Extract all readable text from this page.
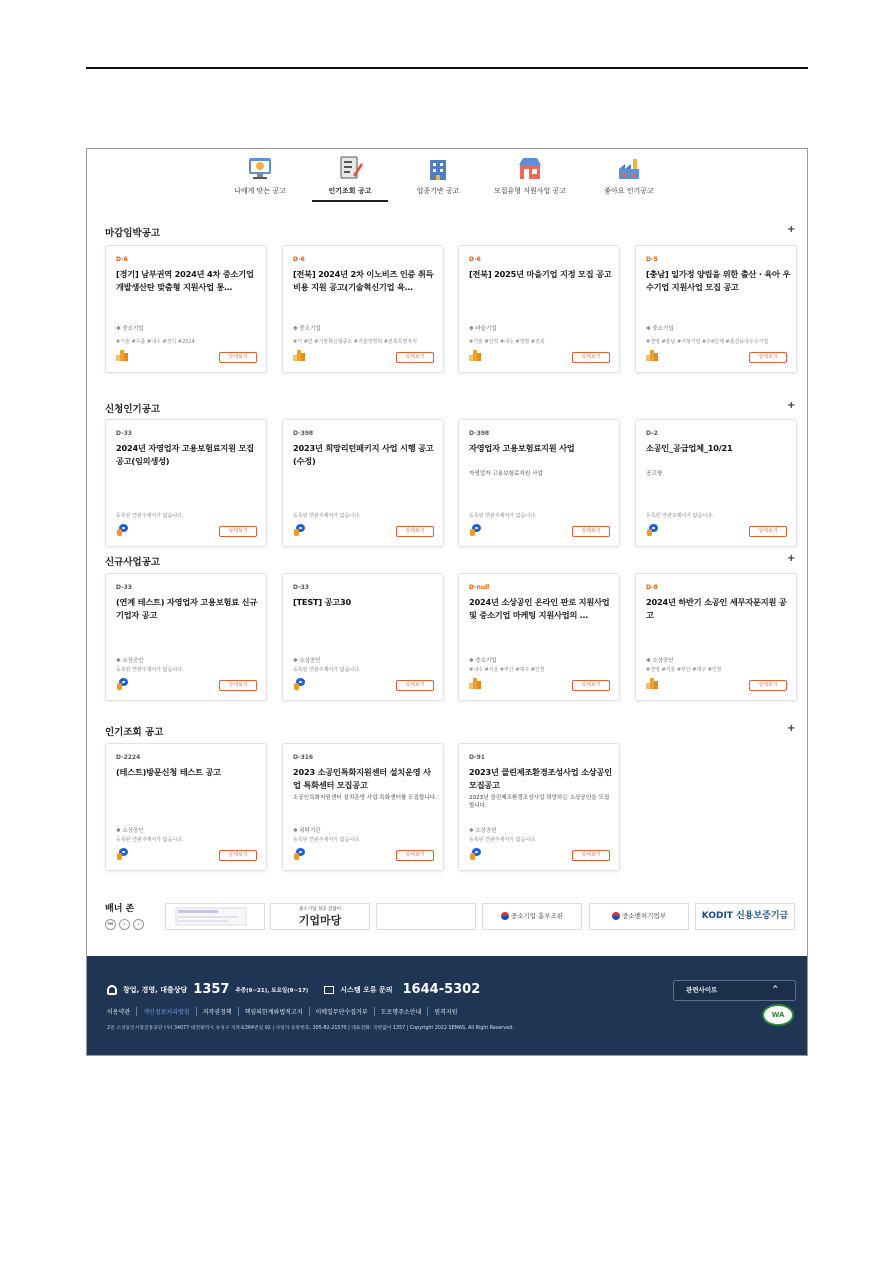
나에게 맞는 공고	인기조회 공고	업종기반 공고	모집유형 지원사업 공고	좋아요 인기공고
마감임박공고	+
D-6
[경기] 남부권역 2024년 4차 중소기업 개발생산탄 맞춤형 지원사업 통…
✻ 중소기업
#기술 #수출 #내수 #경기 #2024
상세보기
D-6
[전북] 2024년 2차 이노비즈 인증 취득 비용 지원 공고(기술혁신기업 육…
✻ 중소기업
#기 #인 #기술혁신형중소 #기술경영혁 #전북특별자치
상세보기
D-6
[전북] 2025년 마을기업 지정 모집 공고
✻ 마을기업
#기술 #인력 #내수 #경영 #전북
상세보기
D-5
[충남] 일가정 양립을 위한 출산 · 육아 우수기업 지원사업 모집 공고
✻ 중소기업
#경영 #충남 #여성기업 #주4일제 #출산육아우수기업
상세보기
신청인기공고	+
D-33
2024년 자영업자 고용보험료지원 모집공고(임의생성)
등록된 연관주제어가 없습니다.
상세보기
D-398
2023년 희망리턴패키지 사업 시행 공고(수정)
등록된 연관주제어가 없습니다.
상세보기
D-398
자영업자 고용보험료지원 사업
자영업자 고용보험료지원 사업
등록된 연관주제어가 없습니다.
상세보기
D-2
소공인_공급업체_10/21
공고명
등록된 연관주제어가 없습니다.
상세보기
신규사업공고	+
D-33
(연계 테스트) 자영업자 고용보험료 신규기업자 공고
✻ 소상공인
등록된 연관주제어가 없습니다.
상세보기
D-33
[TEST] 공고30
✻ 소상공인
등록된 연관주제어가 없습니다.
상세보기
D-null
2024년 소상공인 온라인 판로 지원사업 및 중소기업 마케팅 지원사업의 …
✻ 중소기업
#내수 #서울 #부산 #대구 #인천
상세보기
D-8
2024년 하반기 소공인 세무자문지원 공고
✻ 소상공인
#경영 #서울 #부산 #대구 #인천
상세보기
인기조회 공고	+
D-2224
(테스트)방문신청 테스트 공고
✻ 소상공인
등록된 연관주제어가 없습니다.
상세보기
D-316
2023 소공인특화지원센터 설치운영 사업 특화센터 모집공고
소공인특화지원센터 설치운영 사업 특화센터를 모집합니다.
✻ 위탁기관
등록된 연관주제어가 없습니다.
상세보기
D-91
2023년 클린제조환경조성사업 소상공인 모집공고
2023년 클린제조환경조성사업 희망하는 소상공인을 모집합니다.
✻ 소상공인
등록된 연관주제어가 없습니다.
상세보기
배너 존
⏮	‹	›
중소기업 성공 길잡이
기업마당	중소기업 홈부조판	중소벤처기업부	KODIT 신용보증기금
창업, 경영, 대출상담 1357 주중(9~21), 토요일(9~17)	시스템 오류 문의 1644-5302	관련사이트	⌃
이용약관	개인정보처리방침	저작권정책	책임의한계와법적고지	이메일무단수집거부	도로명주소안내	원격지원
2층 소상공인시장진흥공단 (우) 34077 대전광역시 유성구 지족로364번길 92 | 사업자 등록번호: 305-82-21570 | 대표전화: 국번없이 1357 | Copyright 2022 SEMAS, All Right Reserved.
WA
